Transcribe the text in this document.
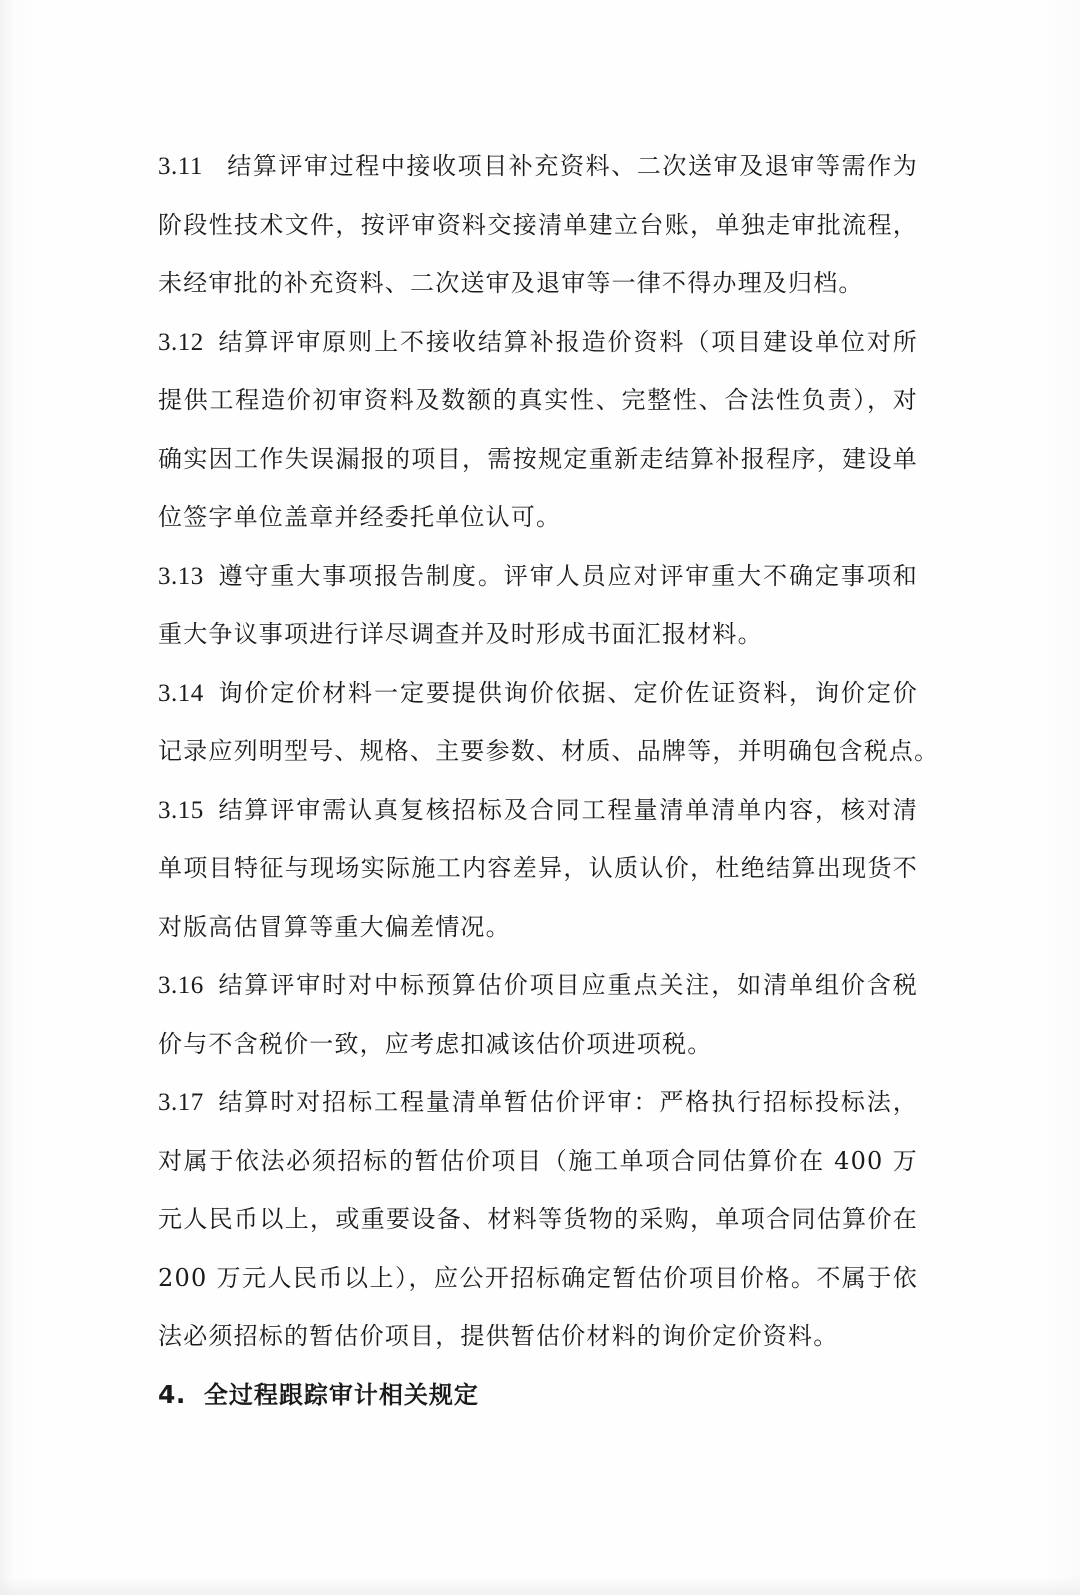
3.11 结算评审过程中接收项目补充资料、二次送审及退审等需作为
阶段性技术文件，按评审资料交接清单建立台账，单独走审批流程，
未经审批的补充资料、二次送审及退审等一律不得办理及归档。
3.12 结算评审原则上不接收结算补报造价资料（项目建设单位对所
提供工程造价初审资料及数额的真实性、完整性、合法性负责），对
确实因工作失误漏报的项目，需按规定重新走结算补报程序，建设单
位签字单位盖章并经委托单位认可。
3.13 遵守重大事项报告制度。评审人员应对评审重大不确定事项和
重大争议事项进行详尽调查并及时形成书面汇报材料。
3.14 询价定价材料一定要提供询价依据、定价佐证资料，询价定价
记录应列明型号、规格、主要参数、材质、品牌等，并明确包含税点。
3.15 结算评审需认真复核招标及合同工程量清单清单内容，核对清
单项目特征与现场实际施工内容差异，认质认价，杜绝结算出现货不
对版高估冒算等重大偏差情况。
3.16 结算评审时对中标预算估价项目应重点关注，如清单组价含税
价与不含税价一致，应考虑扣减该估价项进项税。
3.17 结算时对招标工程量清单暂估价评审：严格执行招标投标法，
对属于依法必须招标的暂估价项目（施工单项合同估算价在 400 万
元人民币以上，或重要设备、材料等货物的采购，单项合同估算价在
200 万元人民币以上），应公开招标确定暂估价项目价格。不属于依
法必须招标的暂估价项目，提供暂估价材料的询价定价资料。
4. 全过程跟踪审计相关规定
